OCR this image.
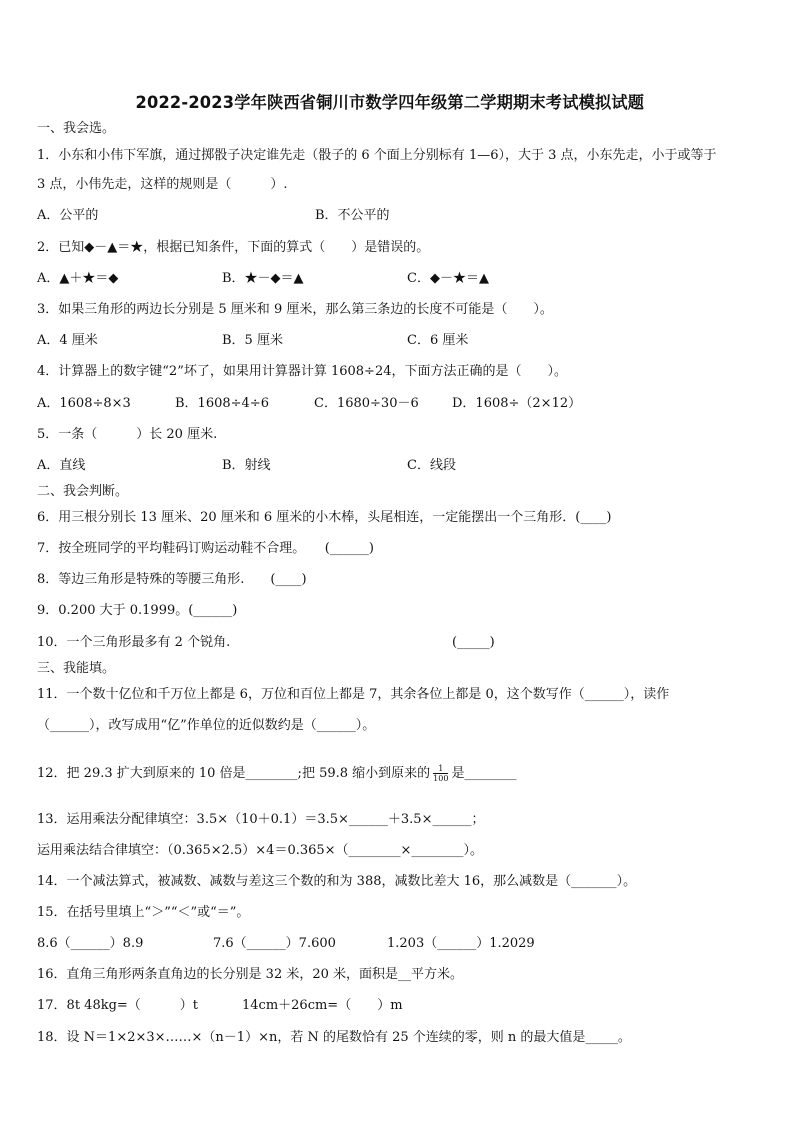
2022-2023学年陕西省铜川市数学四年级第二学期期末考试模拟试题
一、我会选。
1．小东和小伟下军旗，通过掷骰子决定谁先走（骰子的 6 个面上分别标有 1—6），大于 3 点，小东先走，小于或等于
3 点，小伟先走，这样的规则是（　　　）.
A．公平的	B．不公平的
2．已知◆－▲＝★，根据已知条件，下面的算式（　　）是错误的。
A．▲＋★＝◆	B．★－◆＝▲	C．◆－★＝▲
3．如果三角形的两边长分别是 5 厘米和 9 厘米，那么第三条边的长度不可能是（　　）。
A．4 厘米	B．5 厘米	C．6 厘米
4．计算器上的数字键“2”坏了，如果用计算器计算 1608÷24，下面方法正确的是（　　）。
A．1608÷8×3	B．1608÷4÷6	C．1680÷30－6	D．1608÷（2×12）
5．一条（　　　）长 20 厘米.
A．直线	B．射线	C．线段
二、我会判断。
6．用三根分别长 13 厘米、20 厘米和 6 厘米的小木棒，头尾相连，一定能摆出一个三角形．(____)
7．按全班同学的平均鞋码订购运动鞋不合理。　　(______)
8．等边三角形是特殊的等腰三角形.　　(____)
9．0.200 大于 0.1999。(______)
10．一个三角形最多有 2 个锐角.	(_____)
三、我能填。
11．一个数十亿位和千万位上都是 6，万位和百位上都是 7，其余各位上都是 0，这个数写作（______），读作
（______），改写成用“亿”作单位的近似数约是（______）。
12．把 29.3 扩大到原来的 10 倍是________;把 59.8 缩小到原来的 $\frac{1}{100}$ 是________
13．运用乘法分配律填空：3.5×（10＋0.1）＝3.5×______＋3.5×______；
运用乘法结合律填空：（0.365×2.5）×4＝0.365×（________×________）。
14．一个减法算式，被减数、减数与差这三个数的和为 388，减数比差大 16，那么减数是（_______）。
15．在括号里填上“＞”“＜”或“＝”。
8.6（______）8.9	7.6（______）7.600	1.203（______）1.2029
16．直角三角形两条直角边的长分别是 32 米，20 米，面积是__平方米。
17．8t 48kg=（　　　）t	14cm＋26cm=（　　）m
18．设 N＝1×2×3×……×（n－1）×n，若 N 的尾数恰有 25 个连续的零，则 n 的最大值是_____。
